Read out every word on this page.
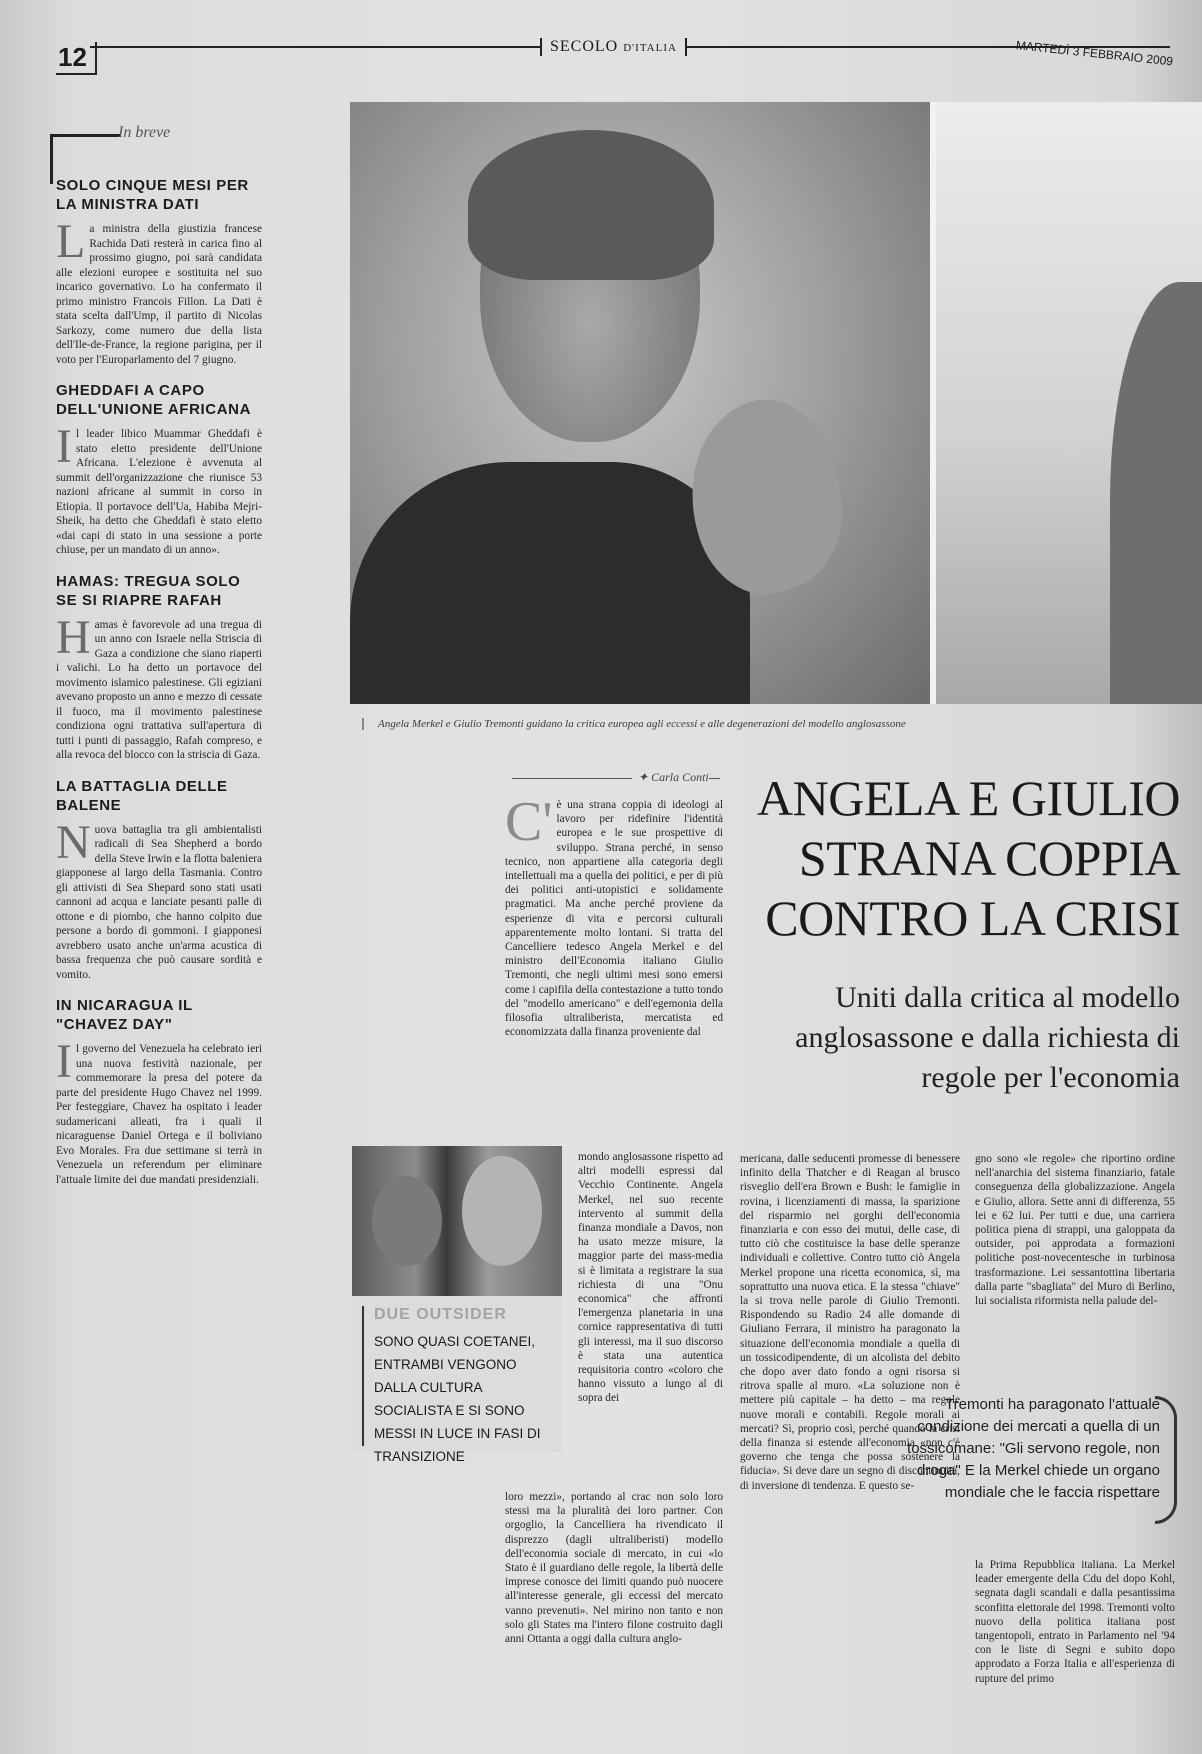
12	SECOLO D'ITALIA	MARTEDÌ 3 FEBBRAIO 2009
In breve
SOLO CINQUE MESI PER LA MINISTRA DATI

La ministra della giustizia francese Rachida Dati resterà in carica fino al prossimo giugno, poi sarà candidata alle elezioni europee e sostituita nel suo incarico governativo. Lo ha confermato il primo ministro Francois Fillon. La Dati è stata scelta dall'Ump, il partito di Nicolas Sarkozy, come numero due della lista dell'Ile-de-France, la regione parigina, per il voto per l'Europarlamento del 7 giugno.

GHEDDAFI A CAPO DELL'UNIONE AFRICANA

Il leader libico Muammar Gheddafi è stato eletto presidente dell'Unione Africana. L'elezione è avvenuta al summit dell'organizzazione che riunisce 53 nazioni africane al summit in corso in Etiopia. Il portavoce dell'Ua, Habiba Mejri-Sheik, ha detto che Gheddafi è stato eletto «dai capi di stato in una sessione a porte chiuse, per un mandato di un anno».

HAMAS: TREGUA SOLO SE SI RIAPRE RAFAH

Hamas è favorevole ad una tregua di un anno con Israele nella Striscia di Gaza a condizione che siano riaperti i valichi. Lo ha detto un portavoce del movimento islamico palestinese. Gli egiziani avevano proposto un anno e mezzo di cessate il fuoco, ma il movimento palestinese condiziona ogni trattativa sull'apertura di tutti i punti di passaggio, Rafah compreso, e alla revoca del blocco con la striscia di Gaza.

LA BATTAGLIA DELLE BALENE

Nuova battaglia tra gli ambientalisti radicali di Sea Shepherd a bordo della Steve Irwin e la flotta baleniera giapponese al largo della Tasmania. Contro gli attivisti di Sea Shepard sono stati usati cannoni ad acqua e lanciate pesanti palle di ottone e di piombo, che hanno colpito due persone a bordo di gommoni. I giapponesi avrebbero usato anche un'arma acustica di bassa frequenza che può causare sordità e vomito.

IN NICARAGUA IL "CHAVEZ DAY"

Il governo del Venezuela ha celebrato ieri una nuova festività nazionale, per commemorare la presa del potere da parte del presidente Hugo Chavez nel 1999. Per festeggiare, Chavez ha ospitato i leader sudamericani alleati, fra i quali il nicaraguense Daniel Ortega e il boliviano Evo Morales. Fra due settimane si terrà in Venezuela un referendum per eliminare l'attuale limite dei due mandati presidenziali.

Angela Merkel e Giulio Tremonti guidano la critica europea agli eccessi e alle degenerazioni del modello anglosassone
✦ Carla Conti ANGELA E GIULIO
STRANA COPPIA
CONTRO LA CRISI
Uniti dalla critica al modello anglosassone e dalla richiesta di regole per l'economia
C'è una strana coppia di ideologi al lavoro per ridefinire l'identità europea e le sue prospettive di sviluppo. Strana perché, in senso tecnico, non appartiene alla categoria degli intellettuali ma a quella dei politici, e per di più dei politici anti-utopistici e solidamente pragmatici. Ma anche perché proviene da esperienze di vita e percorsi culturali apparentemente molto lontani. Si tratta del Cancelliere tedesco Angela Merkel e del ministro dell'Economia italiano Giulio Tremonti, che negli ultimi mesi sono emersi come i capifila della contestazione a tutto tondo del "modello americano" e dell'egemonia della filosofia ultraliberista, mercatista ed economizzata dalla finanza proveniente dal
mondo anglosassone rispetto ad altri modelli espressi dal Vecchio Continente. Angela Merkel, nel suo recente intervento al summit della finanza mondiale a Davos, non ha usato mezze misure, la maggior parte dei mass-media si è limitata a registrare la sua richiesta di una "Onu economica" che affronti l'emergenza planetaria in una cornice rappresentativa di tutti gli interessi, ma il suo discorso è stata una autentica requisitoria contro «coloro che hanno vissuto a lungo al di sopra dei
loro mezzi», portando al crac non solo loro stessi ma la pluralità dei loro partner. Con orgoglio, la Cancelliera ha rivendicato il disprezzo (dagli ultraliberisti) modello dell'economia sociale di mercato, in cui «lo Stato è il guardiano delle regole, la libertà delle imprese conosce dei limiti quando può nuocere all'interesse generale, gli eccessi del mercato vanno prevenuti». Nel mirino non tanto e non solo gli States ma l'intero filone costruito dagli anni Ottanta a oggi dalla cultura anglo-
mericana, dalle seducenti promesse di benessere infinito della Thatcher e di Reagan al brusco risveglio dell'era Brown e Bush: le famiglie in rovina, i licenziamenti di massa, la sparizione del risparmio nei gorghi dell'economia finanziaria e con esso dei mutui, delle case, di tutto ciò che costituisce la base delle speranze individuali e collettive. Contro tutto ciò Angela Merkel propone una ricetta economica, sì, ma soprattutto una nuova etica. E la stessa "chiave" la si trova nelle parole di Giulio Tremonti. Rispondendo su Radio 24 alle domande di Giuliano Ferrara, il ministro ha paragonato la situazione dell'economia mondiale a quella di un tossicodipendente, di un alcolista del debito che dopo aver dato fondo a ogni risorsa si ritrova spalle al muro. «La soluzione non è mettere più capitale – ha detto – ma regole nuove morali e contabili. Regole morali ai mercati? Sì, proprio così, perché quando la crisi della finanza si estende all'economia «non c'è governo che tenga che possa sostenere la fiducia». Si deve dare un segno di discontinuità, di inversione di tendenza. E questo se-
gno sono «le regole» che riportino ordine nell'anarchia del sistema finanziario, fatale conseguenza della globalizzazione. Angela e Giulio, allora. Sette anni di differenza, 55 lei e 62 lui. Per tutti e due, una carriera politica piena di strappi, una galoppata da outsider, poi approdata a formazioni politiche post-novecentesche in turbinosa trasformazione. Lei sessantottina libertaria dalla parte "sbagliata" del Muro di Berlino, lui socialista riformista nella palude del-
la Prima Repubblica italiana. La Merkel leader emergente della Cdu del dopo Kohl, segnata dagli scandali e dalla pesantissima sconfitta elettorale del 1998. Tremonti volto nuovo della politica italiana post tangentopoli, entrato in Parlamento nel '94 con le liste di Segni e subito dopo approdato a Forza Italia e all'esperienza di rupture del primo
DUE OUTSIDER
SONO QUASI COETANEI, ENTRAMBI VENGONO DALLA CULTURA SOCIALISTA E SI SONO MESSI IN LUCE IN FASI DI TRANSIZIONE
Tremonti ha paragonato l'attuale condizione dei mercati a quella di un tossicomane: "Gli servono regole, non droga" E la Merkel chiede un organo mondiale che le faccia rispettare
